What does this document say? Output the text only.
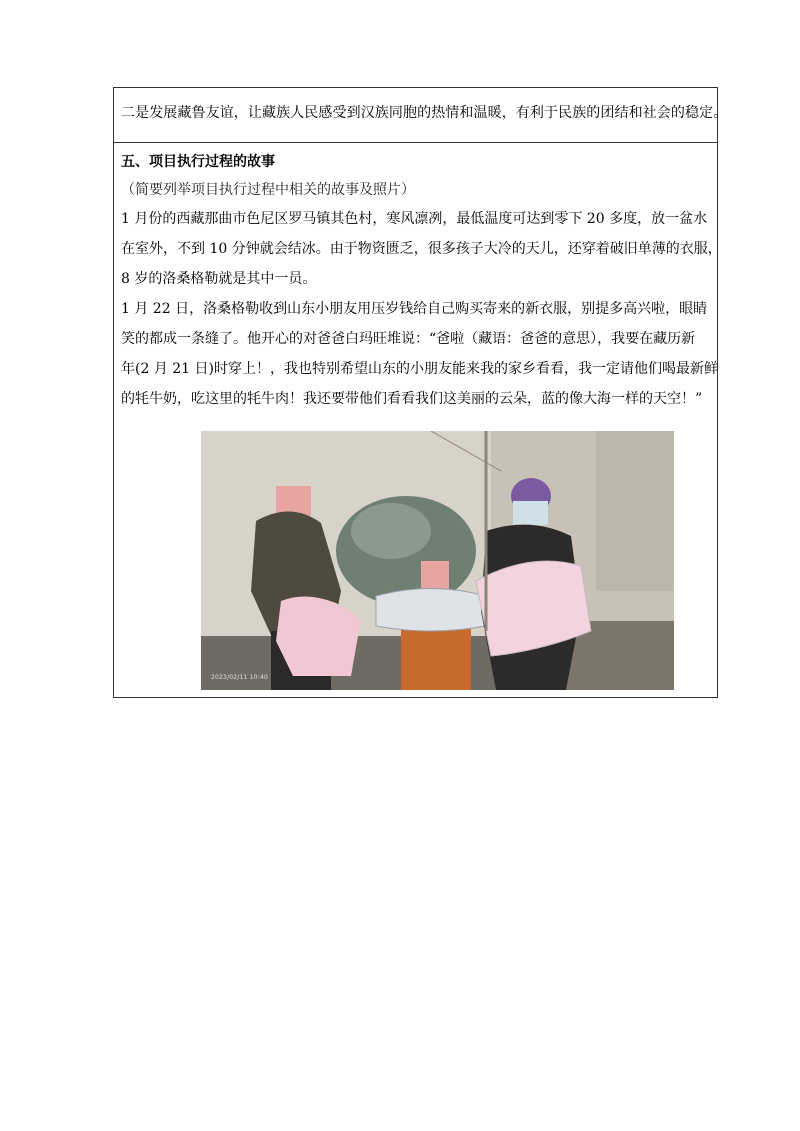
二是发展藏鲁友谊，让藏族人民感受到汉族同胞的热情和温暖，有利于民族的团结和社会的稳定。
五、项目执行过程的故事
（简要列举项目执行过程中相关的故事及照片）
1 月份的西藏那曲市色尼区罗马镇其色村，寒风凛冽，最低温度可达到零下 20 多度，放一盆水
在室外，不到 10 分钟就会结冰。由于物资匮乏，很多孩子大冷的天儿，还穿着破旧单薄的衣服，
8 岁的洛桑格勒就是其中一员。
1 月 22 日，洛桑格勒收到山东小朋友用压岁钱给自己购买寄来的新衣服，别提多高兴啦，眼睛
笑的都成一条缝了。他开心的对爸爸白玛旺堆说：“爸啦（藏语：爸爸的意思），我要在藏历新
年(2 月 21 日)时穿上！，我也特别希望山东的小朋友能来我的家乡看看，我一定请他们喝最新鲜
的牦牛奶，吃这里的牦牛肉！我还要带他们看看我们这美丽的云朵，蓝的像大海一样的天空！”
2023/02/11 10:40
